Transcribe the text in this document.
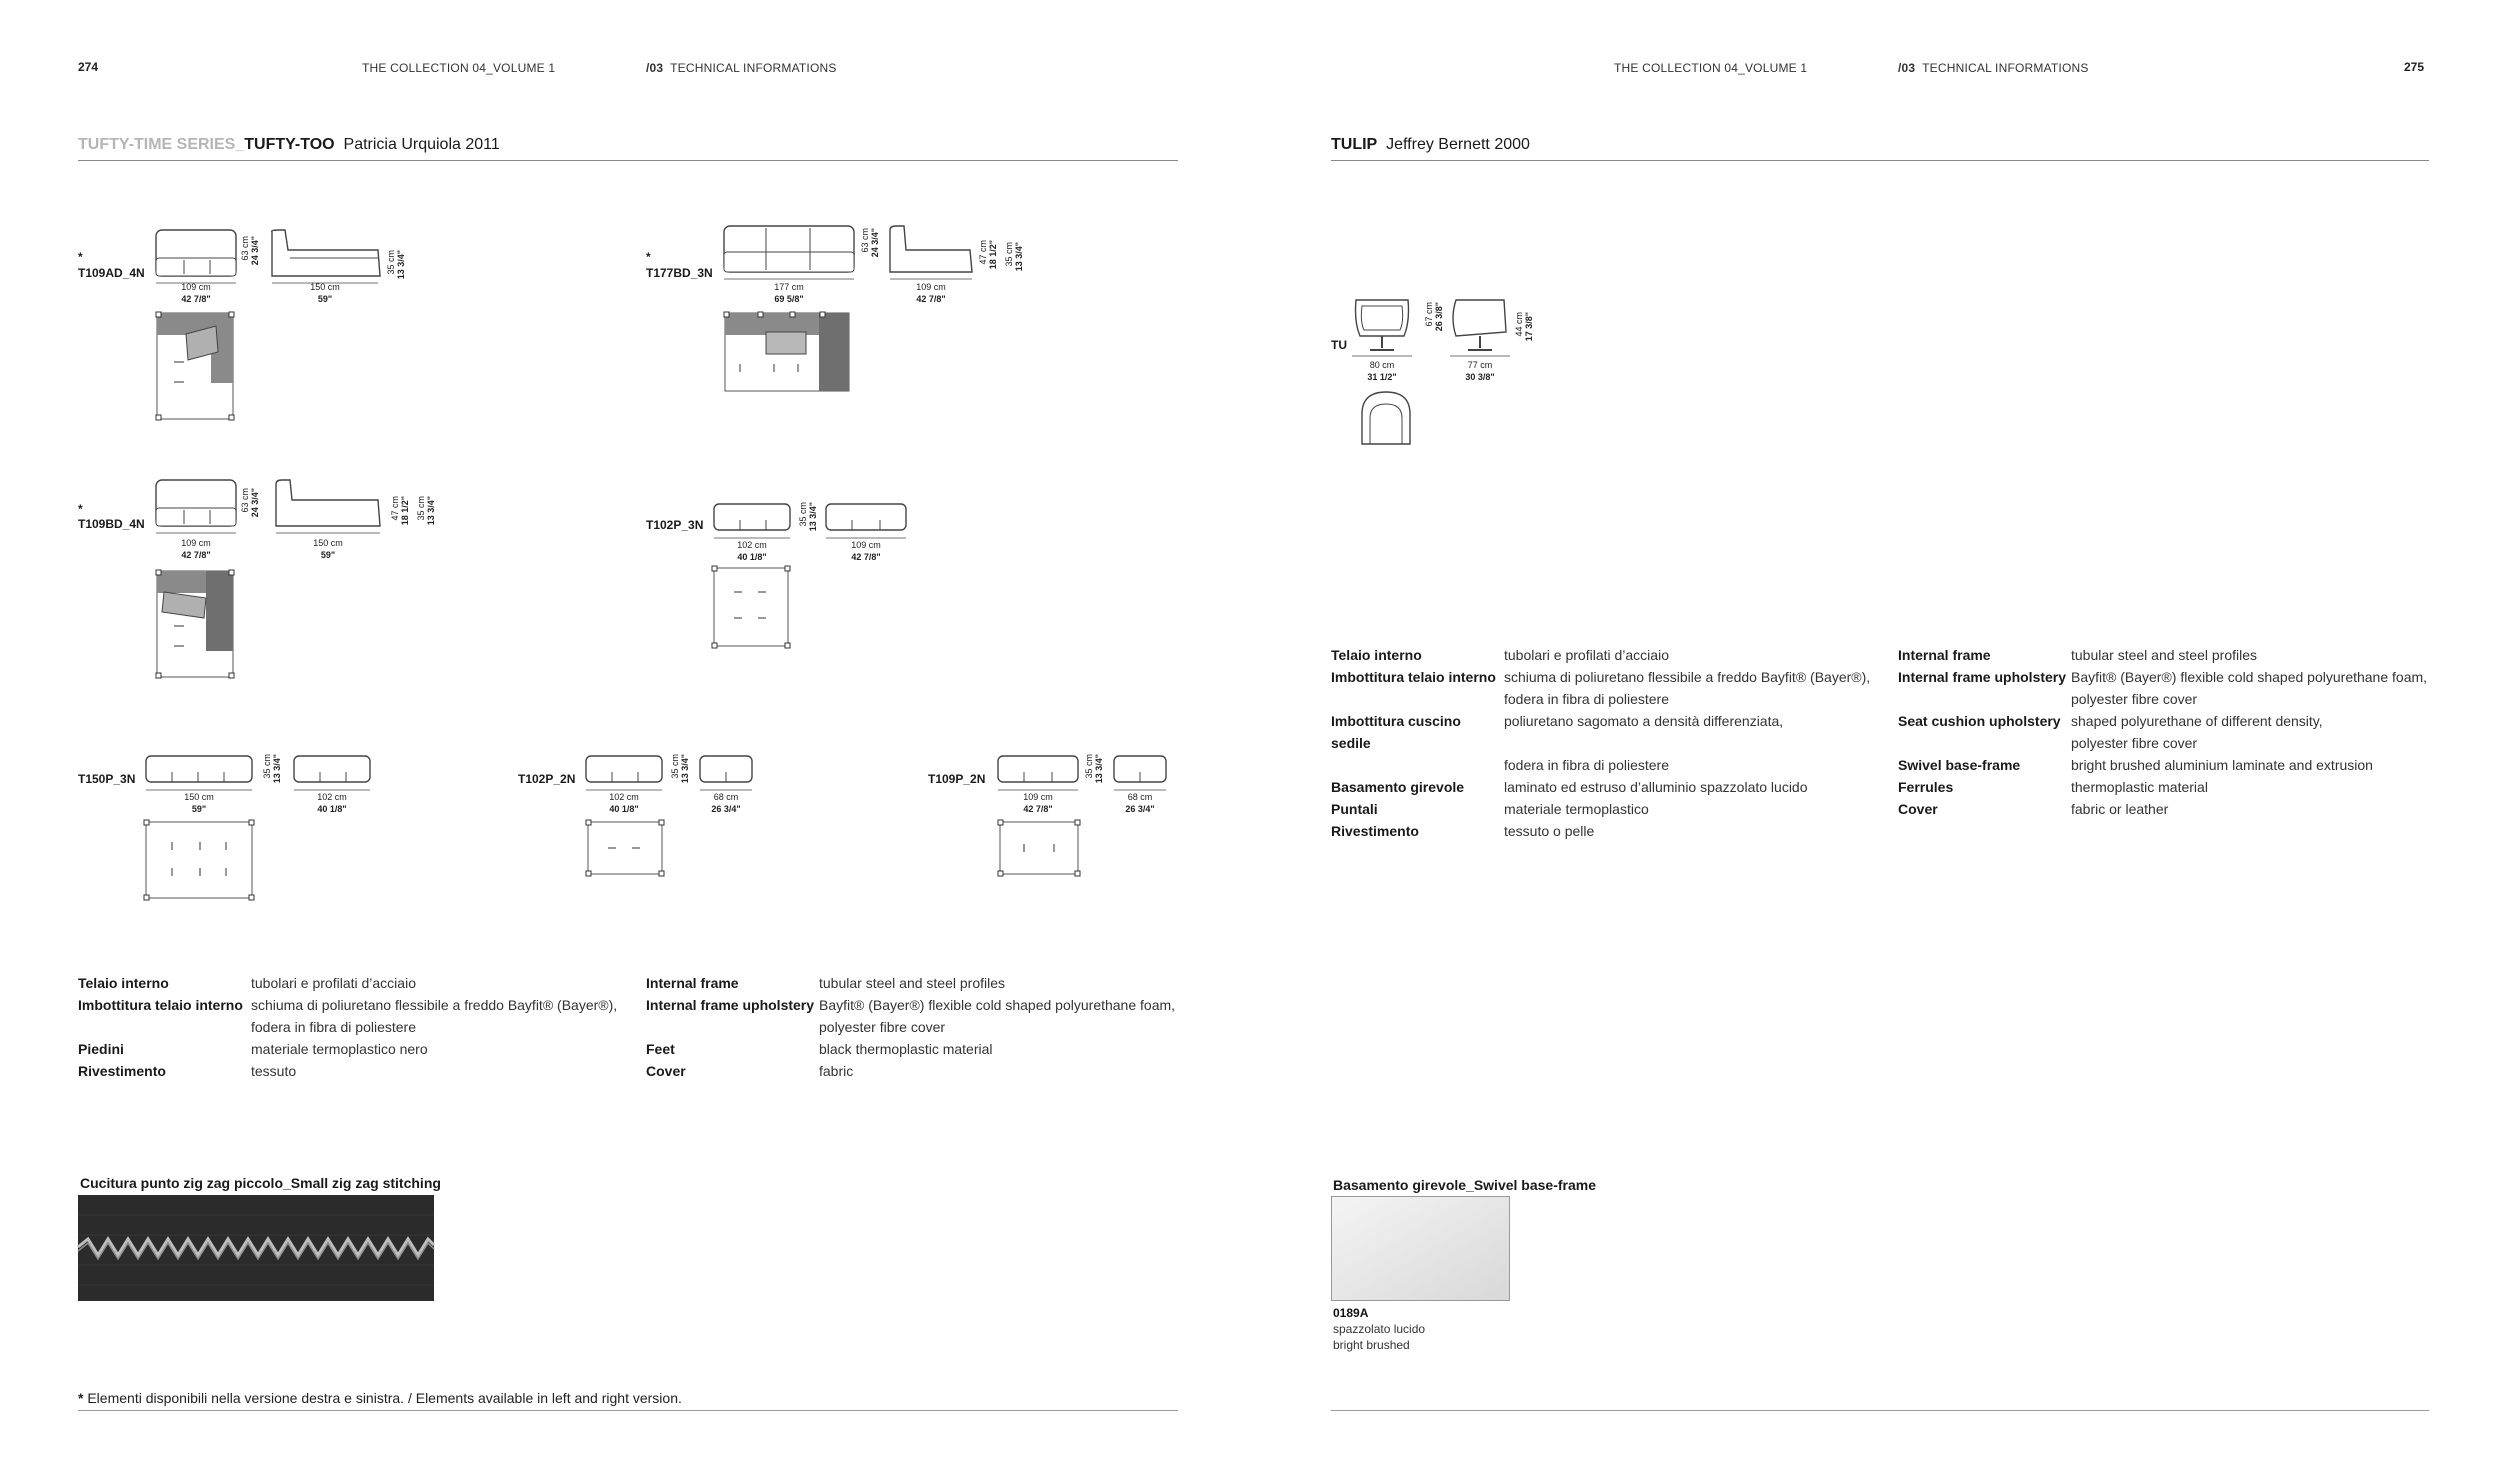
274	THE COLLECTION 04_VOLUME 1	/03 TECHNICAL INFORMATIONS
TUFTY-TIME SERIES_TUFTY-TOO Patricia Urquiola 2011
*
T109AD_4N
109 cm
42 7/8"
150 cm
59"
63 cm 24 3/4"	35 cm 13 3/4"	*
T177BD_3N
177 cm
69 5/8"
109 cm
42 7/8"
63 cm 24 3/4"	47 cm 18 1/2" 35 cm 13 3/4"
*
T109BD_4N
109 cm
42 7/8"
150 cm
59"
63 cm 24 3/4"	47 cm 18 1/2" 35 cm 13 3/4"	T102P_3N
102 cm
40 1/8"
109 cm
42 7/8"
35 cm 13 3/4"
T150P_3N
150 cm
59"
102 cm
40 1/8"
35 cm 13 3/4"	T102P_2N
102 cm
40 1/8"
68 cm
26 3/4"
35 cm 13 3/4"	T109P_2N
109 cm
42 7/8"
68 cm
26 3/4"
35 cm 13 3/4"
Telaio interno	tubolari e profilati d’acciaio
Imbottitura telaio interno schiuma di poliuretano flessibile a freddo Bayfit® (Bayer®),
fodera in fibra di poliestere
Piedini	materiale termoplastico nero
Rivestimento	tessuto
Internal frame	tubular steel and steel profiles
Internal frame upholstery Bayfit® (Bayer®) flexible cold shaped polyurethane foam,
polyester fibre cover
Feet	black thermoplastic material
Cover	fabric
Cucitura punto zig zag piccolo_Small zig zag stitching
* Elementi disponibili nella versione destra e sinistra. / Elements available in left and right version.
THE COLLECTION 04_VOLUME 1	/03 TECHNICAL INFORMATIONS	275
TULIP Jeffrey Bernett 2000
TU
80 cm
31 1/2"
77 cm
30 3/8"
67 cm 26 3/8"	44 cm 17 3/8"
Telaio interno	tubolari e profilati d’acciaio
Imbottitura telaio interno schiuma di poliuretano flessibile a freddo Bayfit® (Bayer®),
fodera in fibra di poliestere
Imbottitura cuscino sedile
poliuretano sagomato a densità differenziata,
fodera in fibra di poliestere
Basamento girevole	laminato ed estruso d’alluminio spazzolato lucido
Puntali	materiale termoplastico
Rivestimento	tessuto o pelle
Internal frame	tubular steel and steel profiles
Internal frame upholstery Bayfit® (Bayer®) flexible cold shaped polyurethane foam,
polyester fibre cover
Seat cushion upholstery shaped polyurethane of different density,
polyester fibre cover
Swivel base-frame	bright brushed aluminium laminate and extrusion
Ferrules	thermoplastic material
Cover	fabric or leather
Basamento girevole_Swivel base-frame
0189A
spazzolato lucido
bright brushed
